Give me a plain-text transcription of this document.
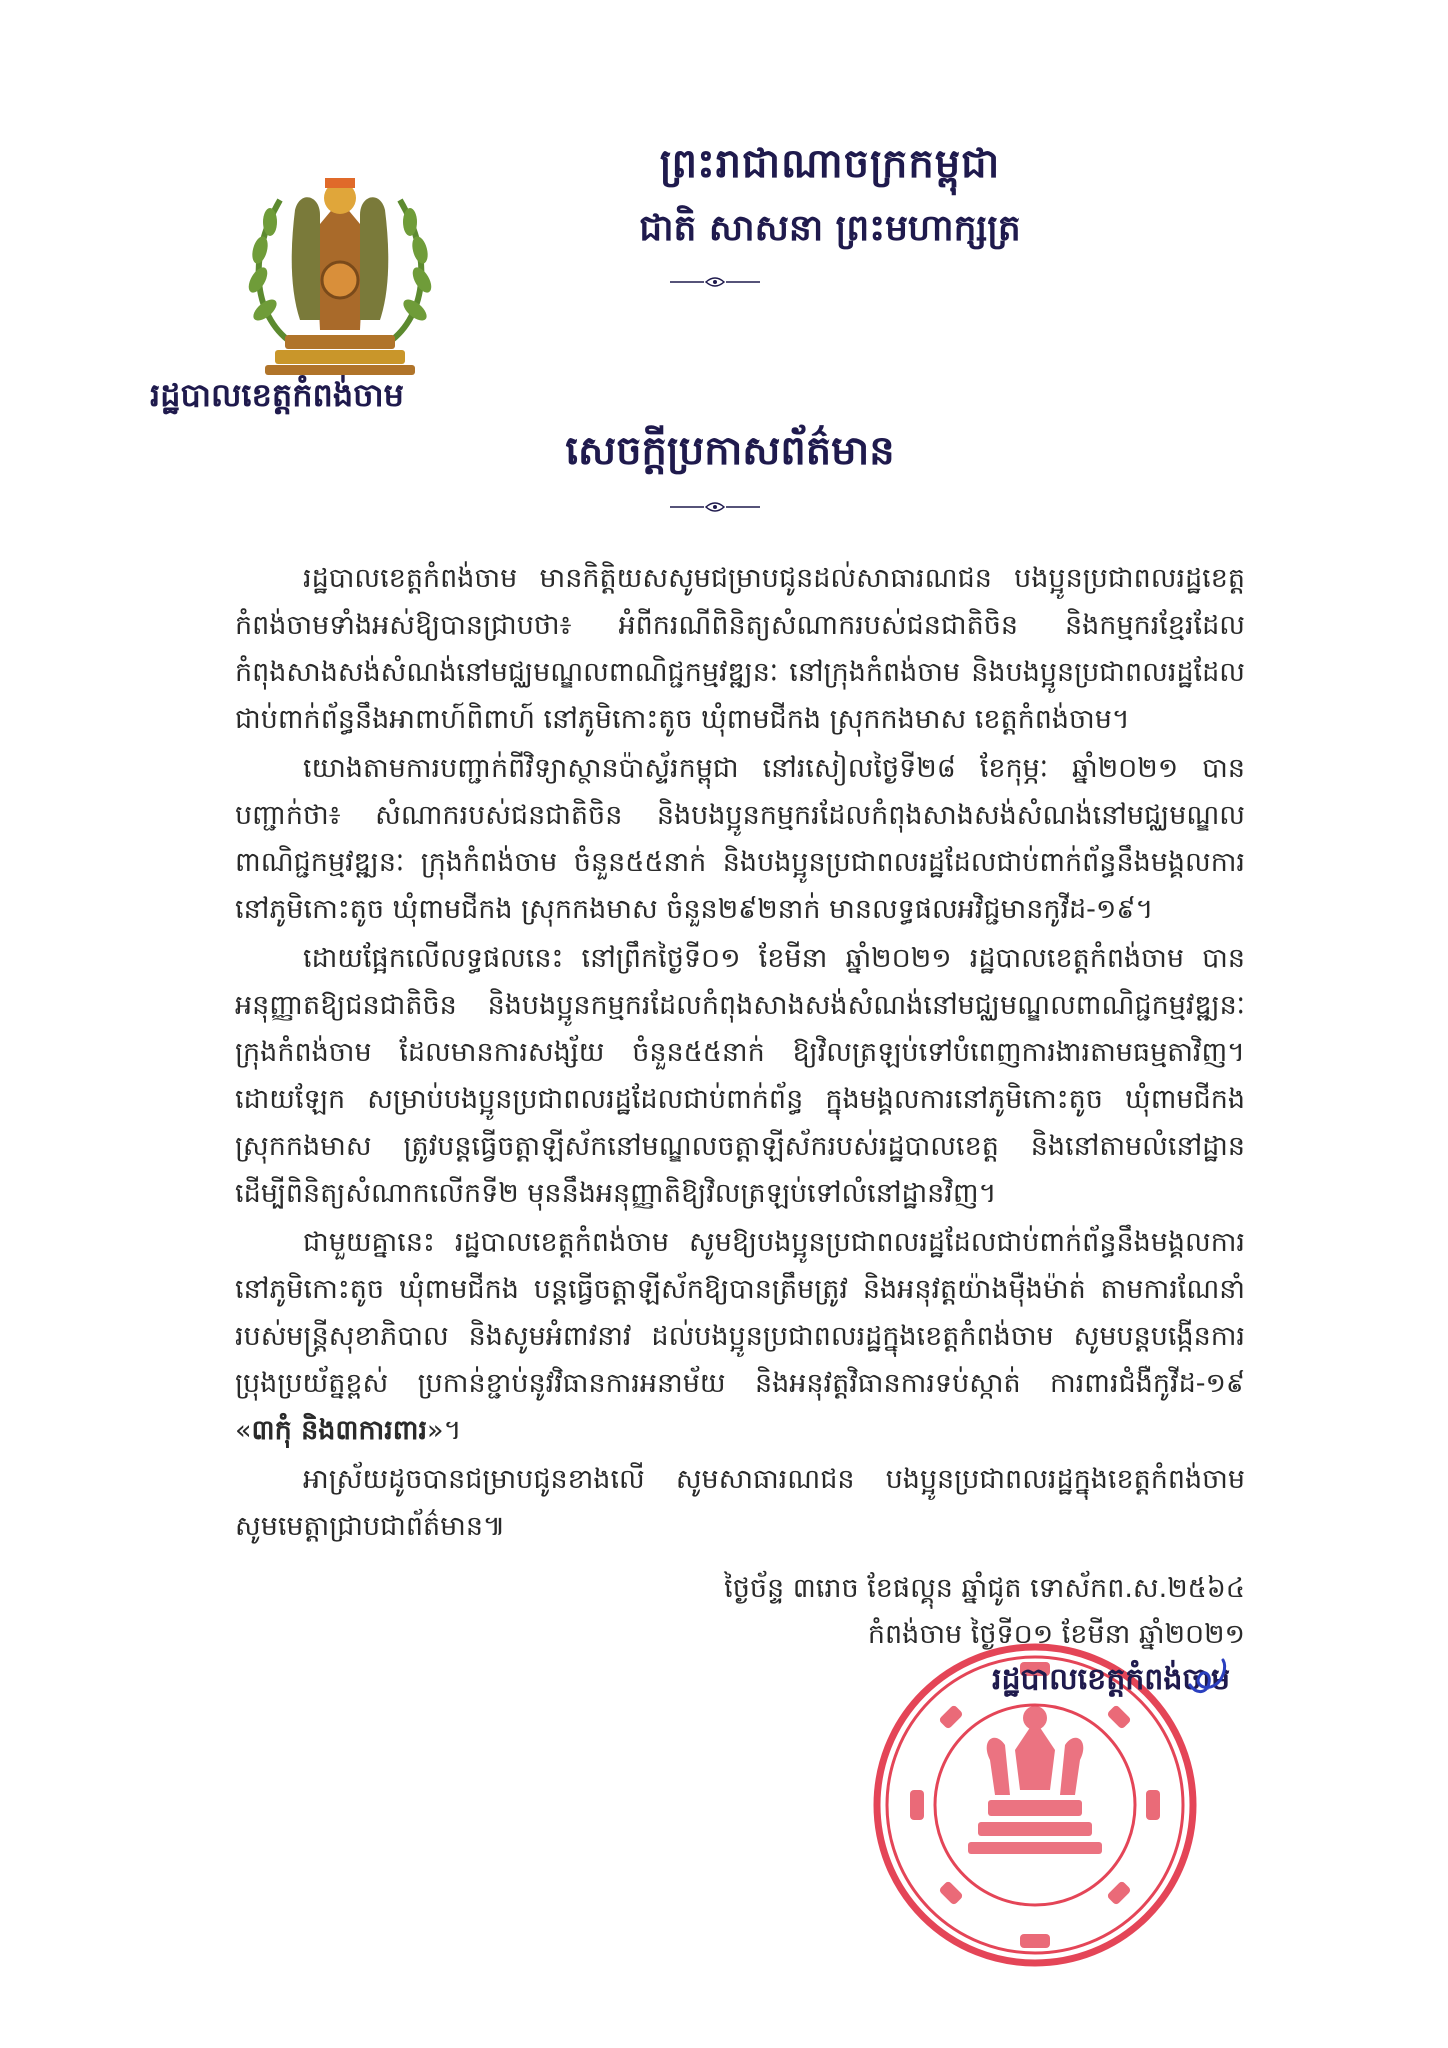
ព្រះរាជាណាចក្រកម្ពុជា
ជាតិ សាសនា ព្រះមហាក្សត្រ
រដ្ឋបាលខេត្តកំពង់ចាម
សេចក្តីប្រកាសព័ត៌មាន

រដ្ឋបាលខេត្តកំពង់ចាម មានកិត្តិយសសូមជម្រាបជូនដល់សាធារណជន បងប្អូនប្រជាពលរដ្ឋខេត្តកំពង់ចាមទាំងអស់ឱ្យបានជ្រាបថា៖ អំពីករណីពិនិត្យសំណាករបស់ជនជាតិចិន និងកម្មករខ្មែរដែលកំពុងសាងសង់សំណង់នៅមជ្ឈមណ្ឌលពាណិជ្ជកម្មវឌ្ឍនៈ នៅក្រុងកំពង់ចាម និងបងប្អូនប្រជាពលរដ្ឋដែលជាប់ពាក់ព័ន្ធនឹងអាពាហ៍ពិពាហ៍ នៅភូមិកោះតូច ឃុំពាមជីកង ស្រុកកងមាស ខេត្តកំពង់ចាម។

យោងតាមការបញ្ជាក់ពីវិទ្យាស្ថានប៉ាស្ទ័រកម្ពុជា នៅរសៀលថ្ងៃទី២៨ ខែកុម្ភៈ ឆ្នាំ២០២១ បានបញ្ជាក់ថា៖ សំណាករបស់ជនជាតិចិន និងបងប្អូនកម្មករដែលកំពុងសាងសង់សំណង់នៅមជ្ឈមណ្ឌលពាណិជ្ជកម្មវឌ្ឍនៈ ក្រុងកំពង់ចាម ចំនួន៥៥នាក់ និងបងប្អូនប្រជាពលរដ្ឋដែលជាប់ពាក់ព័ន្ធនឹងមង្គលការនៅភូមិកោះតូច ឃុំពាមជីកង ស្រុកកងមាស ចំនួន២៩២នាក់ មានលទ្ធផលអវិជ្ជមានកូវីដ-១៩។

ដោយផ្អែកលើលទ្ធផលនេះ នៅព្រឹកថ្ងៃទី០១ ខែមីនា ឆ្នាំ២០២១ រដ្ឋបាលខេត្តកំពង់ចាម បានអនុញ្ញាតឱ្យជនជាតិចិន និងបងប្អូនកម្មករដែលកំពុងសាងសង់សំណង់នៅមជ្ឈមណ្ឌលពាណិជ្ជកម្មវឌ្ឍនៈ ក្រុងកំពង់ចាម ដែលមានការសង្ស័យ ចំនួន៥៥នាក់ ឱ្យវិលត្រឡប់ទៅបំពេញការងារតាមធម្មតាវិញ។ ដោយឡែក សម្រាប់បងប្អូនប្រជាពលរដ្ឋដែលជាប់ពាក់ព័ន្ធ ក្នុងមង្គលការនៅភូមិកោះតូច ឃុំពាមជីកង ស្រុកកងមាស ត្រូវបន្តធ្វើចត្តាឡីស័កនៅមណ្ឌលចត្តាឡីស័ករបស់រដ្ឋបាលខេត្ត និងនៅតាមលំនៅដ្ឋាន ដើម្បីពិនិត្យសំណាកលើកទី២ មុននឹងអនុញ្ញាតិឱ្យវិលត្រឡប់ទៅលំនៅដ្ឋានវិញ។

ជាមួយគ្នានេះ រដ្ឋបាលខេត្តកំពង់ចាម សូមឱ្យបងប្អូនប្រជាពលរដ្ឋដែលជាប់ពាក់ព័ន្ធនឹងមង្គលការនៅភូមិកោះតូច ឃុំពាមជីកង បន្តធ្វើចត្តាឡីស័កឱ្យបានត្រឹមត្រូវ និងអនុវត្តយ៉ាងម៉ឺងម៉ាត់ តាមការណែនាំរបស់មន្ត្រីសុខាភិបាល និងសូមអំពាវនាវ ដល់បងប្អូនប្រជាពលរដ្ឋក្នុងខេត្តកំពង់ចាម សូមបន្តបង្កើនការប្រុងប្រយ័ត្នខ្ពស់ ប្រកាន់ខ្ជាប់នូវវិធានការអនាម័យ និងអនុវត្តវិធានការទប់ស្កាត់ ការពារជំងឺកូវីដ-១៩ «៣កុំ និង៣ការពារ»។

អាស្រ័យដូចបានជម្រាបជូនខាងលើ សូមសាធារណជន បងប្អូនប្រជាពលរដ្ឋក្នុងខេត្តកំពង់ចាម សូមមេត្តាជ្រាបជាព័ត៌មាន៕

ថ្ងៃច័ន្ទ ៣រោច ខែផល្គុន ឆ្នាំជូត ទោស័កព.ស.២៥៦៤
កំពង់ចាម ថ្ងៃទី០១ ខែមីនា ឆ្នាំ២០២១
រដ្ឋបាលខេត្តកំពង់ចាម
